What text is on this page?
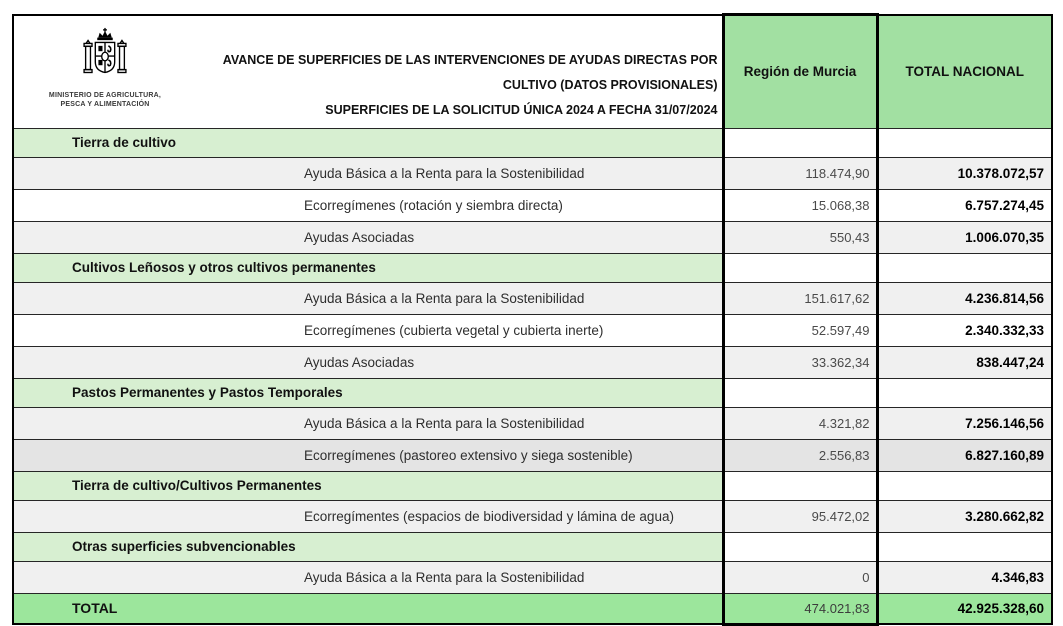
MINISTERIO DE AGRICULTURA,
PESCA Y ALIMENTACIÓN
AVANCE DE SUPERFICIES DE LAS INTERVENCIONES DE AYUDAS DIRECTAS POR
CULTIVO (DATOS PROVISIONALES)
SUPERFICIES DE LA SOLICITUD ÚNICA 2024 A FECHA 31/07/2024	Región de Murcia	TOTAL NACIONAL
Tierra de cultivo		
Ayuda Básica a la Renta para la Sostenibilidad	118.474,90	10.378.072,57
Ecorregímenes (rotación y siembra directa)	15.068,38	6.757.274,45
Ayudas Asociadas	550,43	1.006.070,35
Cultivos Leñosos y otros cultivos permanentes		
Ayuda Básica a la Renta para la Sostenibilidad	151.617,62	4.236.814,56
Ecorregímenes (cubierta vegetal y cubierta inerte)	52.597,49	2.340.332,33
Ayudas Asociadas	33.362,34	838.447,24
Pastos Permanentes y Pastos Temporales		
Ayuda Básica a la Renta para la Sostenibilidad	4.321,82	7.256.146,56
Ecorregímenes (pastoreo extensivo y siega sostenible)	2.556,83	6.827.160,89
Tierra de cultivo/Cultivos Permanentes		
Ecorregímentes (espacios de biodiversidad y lámina de agua)	95.472,02	3.280.662,82
Otras superficies subvencionables		
Ayuda Básica a la Renta para la Sostenibilidad	0	4.346,83
TOTAL	474.021,83	42.925.328,60
